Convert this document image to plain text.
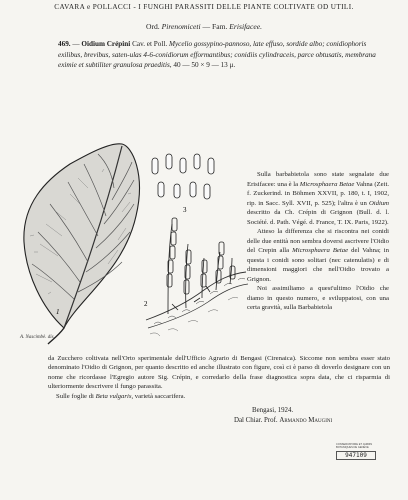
CAVARA e POLLACCI - I FUNGHI PARASSITI DELLE PIANTE COLTIVATE OD UTILI.
Ord. Pirenomiceti — Fam. Erisifacee.
469. — Oidium Crépini Cav. et Poll. Mycelio gossypino-pannoso, late effuso, sordide albo; conidiophoris exilibus, brevibus, saten‑ulas 4-6-conidiorum efformantibus; conidiis cylindraceis, parce obtusatis, membrana eximie et subtiliter granulosa praeditis, 40 — 50 × 9 — 13 μ.
1
2
3
A. Nascimbè. dis.

Sulla barbabietola sono state segnalate due Erisifacee: una è la Microsphaera Betae Vahna (Zeit. f. Zuckerind. in Böhmen XXVII, p. 180, t. I, 1902, rip. in Sacc. Syll. XVII, p. 525); l'altra è un Oidium descritto da Ch. Crépin di Grignon (Bull. d. l. Société. d. Path. Végé. d. France, T. IX. Paris, 1922).

Atteso la differenza che si riscontra nei conidi delle due entità non sembra doversi ascrivere l'Oidio del Crepin alla Microsphaera Betae del Vahna; in questa i conidi sono solitari (nec catenulatis) e di dimensioni maggiori che nell'Oidio trovato a Grignon.

Noi assimiliamo a quest'ultimo l'Oidio che diamo in questo numero, e sviluppatosi, con una certa gravità, sulla Barbabietola

da Zucchero coltivata nell'Orto sperimentale dell'Ufficio Agrario di Bengasi (Cirenaica). Siccome non sembra esser stato denominato l'Oidio di Grignon, per quanto descritto ed anche illustrato con figure, così ci è parso di doverlo designare con un nome che ricordasse l'Egregio autore Sig. Crépin, e corredarlo della frase diagnostica sopra data, che ci risparmia di ulteriormente descrivere il fungo parassita.

Sulle foglie di Beta vulgaris, varietà saccarifera.

Bengasi, 1924.
Dal Chiar. Prof. Armando Maugini
CONSERVATOIRE ET JARDIN
BOTANIQUES DE GENÈVE
947109
